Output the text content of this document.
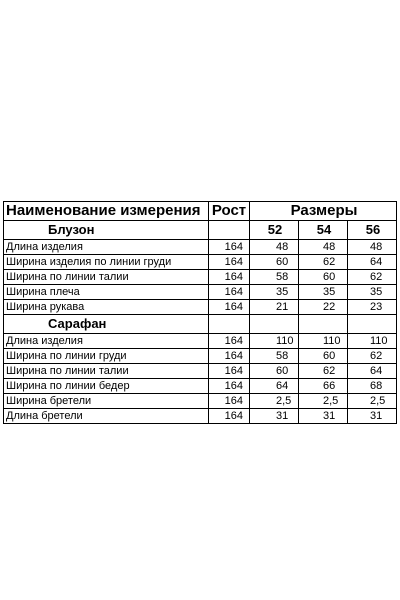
Наименование измерения	Рост	Размеры		
Блузон		52	54	56
Длина изделия	164	48	48	48
Ширина изделия по линии груди	164	60	62	64
Ширина по линии талии	164	58	60	62
Ширина плеча	164	35	35	35
Ширина рукава	164	21	22	23
Сарафан				
Длина изделия	164	110	110	110
Ширина по линии груди	164	58	60	62
Ширина по линии талии	164	60	62	64
Ширина по линии бедер	164	64	66	68
Ширина бретели	164	2,5	2,5	2,5
Длина бретели	164	31	31	31
